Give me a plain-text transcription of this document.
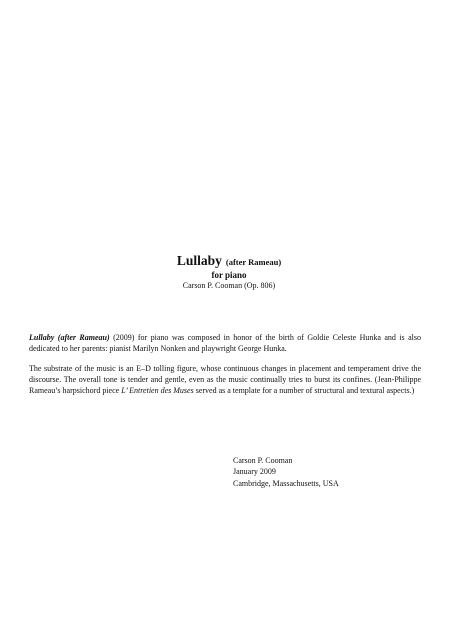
Lullaby (after Rameau)
for piano
Carson P. Cooman (Op. 806)

Lullaby (after Rameau) (2009) for piano was composed in honor of the birth of Goldie Celeste Hunka and is also dedicated to her parents: pianist Marilyn Nonken and playwright George Hunka.

The substrate of the music is an E–D tolling figure, whose continuous changes in placement and temperament drive the discourse. The overall tone is tender and gentle, even as the music continually tries to burst its confines. (Jean-Philippe Rameau’s harpsichord piece L’ Entretien des Muses served as a template for a number of structural and textural aspects.)

Carson P. Cooman
January 2009
Cambridge, Massachusetts, USA
